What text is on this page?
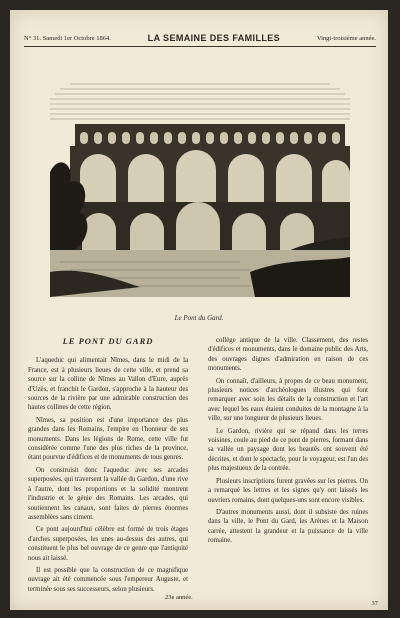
N° 31. Samedi 1er Octobre 1864.	LA SEMAINE DES FAMILLES	Vingt-troisième année.
Le Pont du Gard.
LE PONT DU GARD

L'aqueduc qui alimentait Nîmes, dans le midi de la France, est à plusieurs lieues de cette ville, et prend sa source sur la colline de Nîmes au Vallon d'Eure, auprès d'Uzès, et franchit le Gardon, s'approche à la hauteur des sources de la rivière par une admirable construction des hautes collines de cette région.

Nîmes, sa position est d'une importance des plus grandes dans les Romains, l'empire en l'honneur de ses monuments. Dans les légions de Rome, cette ville fut considérée comme l'une des plus riches de la province, étant pourvue d'édifices et de monuments de tous genres.

On construisit donc l'aqueduc avec ses arcades superposées, qui traversent la vallée du Gardon, d'une rive à l'autre, dont les proportions et la solidité montrent l'industrie et le génie des Romains. Les arcades, qui soutiennent les canaux, sont faites de pierres énormes assemblées sans ciment.

Ce pont aujourd'hui célèbre est formé de trois étages d'arches superposées, les unes au-dessus des autres, qui constituent le plus bel ouvrage de ce genre que l'antiquité nous ait laissé.

Il est possible que la construction de ce magnifique ouvrage ait été commencée sous l'empereur Auguste, et terminée sous ses successeurs, selon plusieurs.

collège antique de la ville. Classement, des restes d'édifices et monuments, dans le domaine public des Arts, des ouvrages dignes d'admiration en raison de ces monuments.

On connaît, d'ailleurs, à propos de ce beau monument, plusieurs notices d'archéologues illustres qui font remarquer avec soin les détails de la construction et l'art avec lequel les eaux étaient conduites de la montagne à la ville, sur une longueur de plusieurs lieues.

Le Gardon, rivière qui se répand dans les terres voisines, coule au pied de ce pont de pierres, formant dans sa vallée un paysage dont les beautés ont souvent été décrites, et dont le spectacle, pour le voyageur, est l'un des plus majestueux de la contrée.

Plusieurs inscriptions furent gravées sur les pierres. On a remarqué les lettres et les signes qu'y ont laissés les ouvriers romains, dont quelques-uns sont encore visibles.

D'autres monuments aussi, dont il subsiste des ruines dans la ville, le Pont du Gard, les Arènes et la Maison carrée, attestent la grandeur et la puissance de la ville romaine.

23e année.
37
